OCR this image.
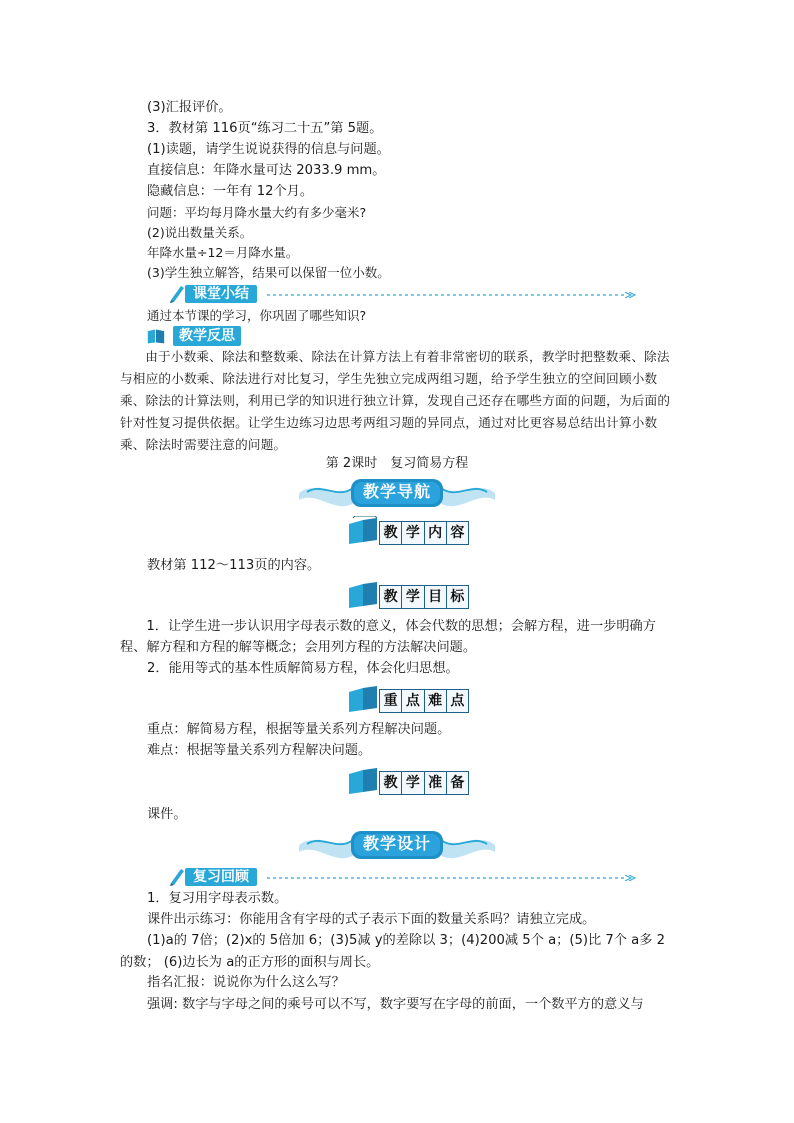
(3)汇报评价。
3．教材第 116页“练习二十五”第 5题。
(1)读题，请学生说说获得的信息与问题。
直接信息：年降水量可达 2033.9 mm。
隐藏信息：一年有 12个月。
问题：平均每月降水量大约有多少毫米?
(2)说出数量关系。
年降水量÷12＝月降水量。
(3)学生独立解答，结果可以保留一位小数。
课堂小结
通过本节课的学习，你巩固了哪些知识?
教学反思
由于小数乘、除法和整数乘、除法在计算方法上有着非常密切的联系，教学时把整数乘、除法与相应的小数乘、除法进行对比复习，学生先独立完成两组习题，给予学生独立的空间回顾小数乘、除法的计算法则，利用已学的知识进行独立计算，发现自己还存在哪些方面的问题，为后面的针对性复习提供依据。让学生边练习边思考两组习题的异同点，通过对比更容易总结出计算小数乘、除法时需要注意的问题。
第 2课时　复习简易方程
教学导航
教 学 内 容
教材第 112～113页的内容。
教 学 目 标
1．让学生进一步认识用字母表示数的意义，体会代数的思想；会解方程，进一步明确方程、解方程和方程的解等概念；会用列方程的方法解决问题。
2．能用等式的基本性质解简易方程，体会化归思想。
重 点 难 点
重点：解简易方程，根据等量关系列方程解决问题。
难点：根据等量关系列方程解决问题。
教 学 准 备
课件。
教学设计
复习回顾
1．复习用字母表示数。
课件出示练习：你能用含有字母的式子表示下面的数量关系吗？请独立完成。
(1)a的 7倍；(2)x的 5倍加 6；(3)5减 y的差除以 3；(4)200减 5个 a；(5)比 7个 a多 2的数； (6)边长为 a的正方形的面积与周长。
指名汇报：说说你为什么这么写？
强调: 数字与字母之间的乘号可以不写，数字要写在字母的前面，一个数平方的意义与
